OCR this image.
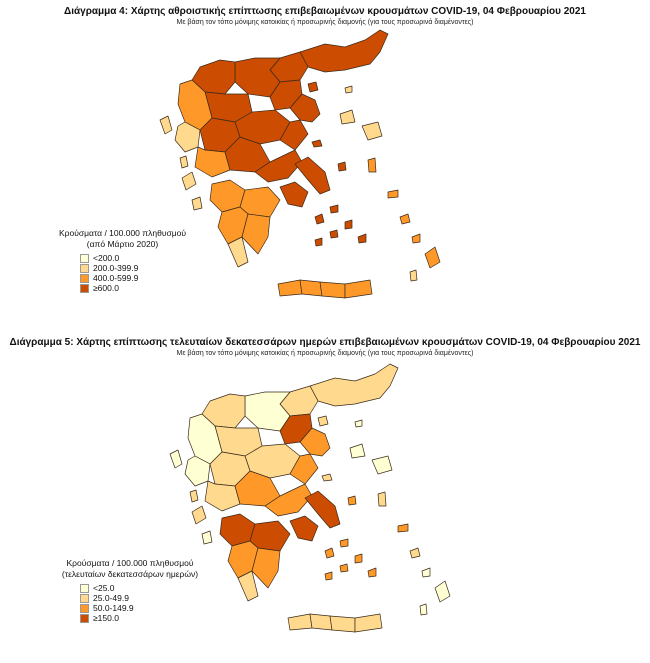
Διάγραμμα 4: Χάρτης αθροιστικής επίπτωσης επιβεβαιωμένων κρουσμάτων COVID-19, 04 Φεβρουαρίου 2021
Με βάση τον τόπο μόνιμης κατοικίας ή προσωρινής διαμονής (για τους προσωρινά διαμένοντες)
Κρούσματα / 100.000 πληθυσμού
(από Μάρτιο 2020)
<200.0
200.0-399.9
400.0-599.9
≥600.0
Διάγραμμα 5: Χάρτης επίπτωσης τελευταίων δεκατεσσάρων ημερών επιβεβαιωμένων κρουσμάτων COVID-19, 04 Φεβρουαρίου 2021
Με βάση τον τόπο μόνιμης κατοικίας ή προσωρινής διαμονής (για τους προσωρινά διαμένοντες)
Κρούσματα / 100.000 πληθυσμού
(τελευταίων δεκατεσσάρων ημερών)
<25.0
25.0-49.9
50.0-149.9
≥150.0
